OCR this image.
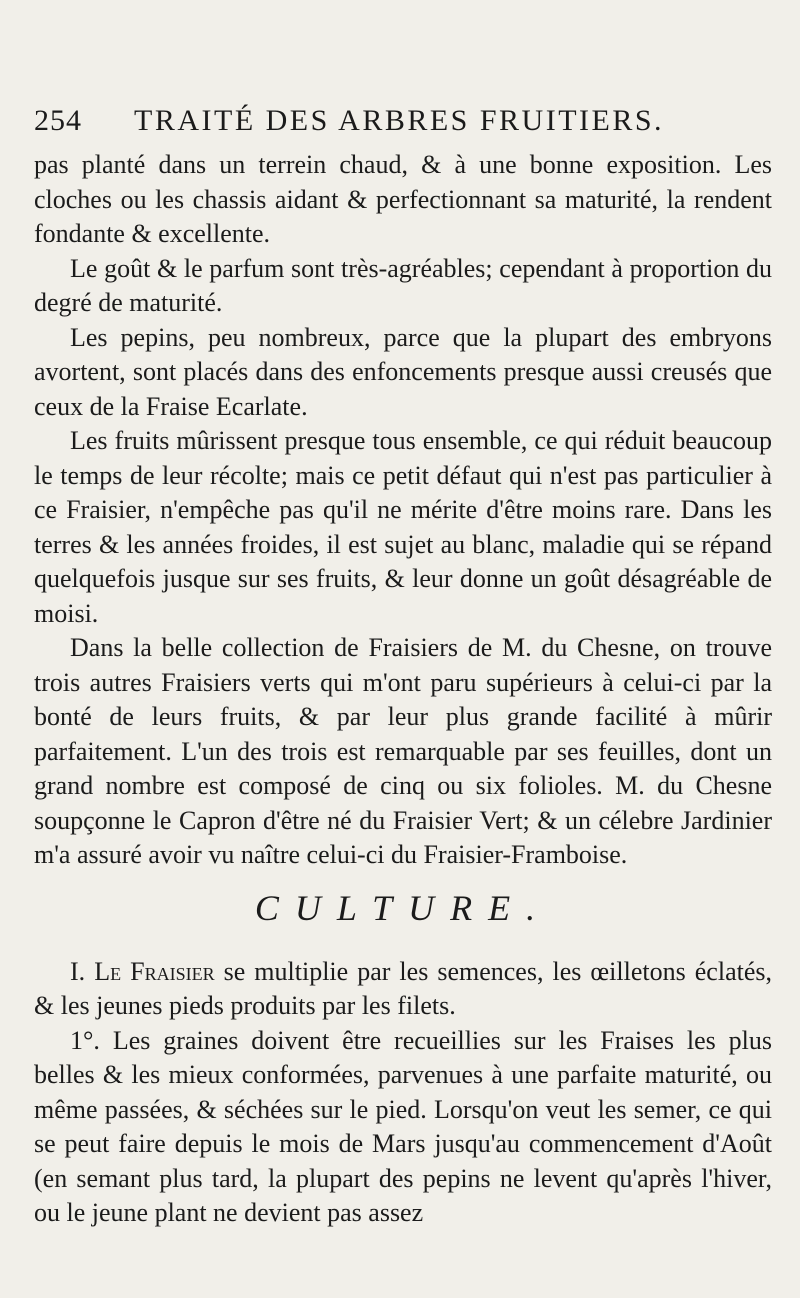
254	TRAITÉ DES ARBRES FRUITIERS.

pas planté dans un terrein chaud, & à une bonne exposition. Les cloches ou les chassis aidant & perfectionnant sa maturité, la rendent fondante & excellente.

Le goût & le parfum sont très-agréables; cependant à proportion du degré de maturité.

Les pepins, peu nombreux, parce que la plupart des embryons avortent, sont placés dans des enfoncements presque aussi creusés que ceux de la Fraise Ecarlate.

Les fruits mûrissent presque tous ensemble, ce qui réduit beaucoup le temps de leur récolte; mais ce petit défaut qui n'est pas particulier à ce Fraisier, n'empêche pas qu'il ne mérite d'être moins rare. Dans les terres & les années froides, il est sujet au blanc, maladie qui se répand quelquefois jusque sur ses fruits, & leur donne un goût désagréable de moisi.

Dans la belle collection de Fraisiers de M. du Chesne, on trouve trois autres Fraisiers verts qui m'ont paru supérieurs à celui-ci par la bonté de leurs fruits, & par leur plus grande facilité à mûrir parfaitement. L'un des trois est remarquable par ses feuilles, dont un grand nombre est composé de cinq ou six folioles. M. du Chesne soupçonne le Capron d'être né du Fraisier Vert; & un célebre Jardinier m'a assuré avoir vu naître celui-ci du Fraisier-Framboise.

CULTURE.

I. Le Fraisier se multiplie par les semences, les œilletons éclatés, & les jeunes pieds produits par les filets.

1°. Les graines doivent être recueillies sur les Fraises les plus belles & les mieux conformées, parvenues à une parfaite maturité, ou même passées, & séchées sur le pied. Lorsqu'on veut les semer, ce qui se peut faire depuis le mois de Mars jusqu'au commencement d'Août (en semant plus tard, la plupart des pepins ne levent qu'après l'hiver, ou le jeune plant ne devient pas assez
